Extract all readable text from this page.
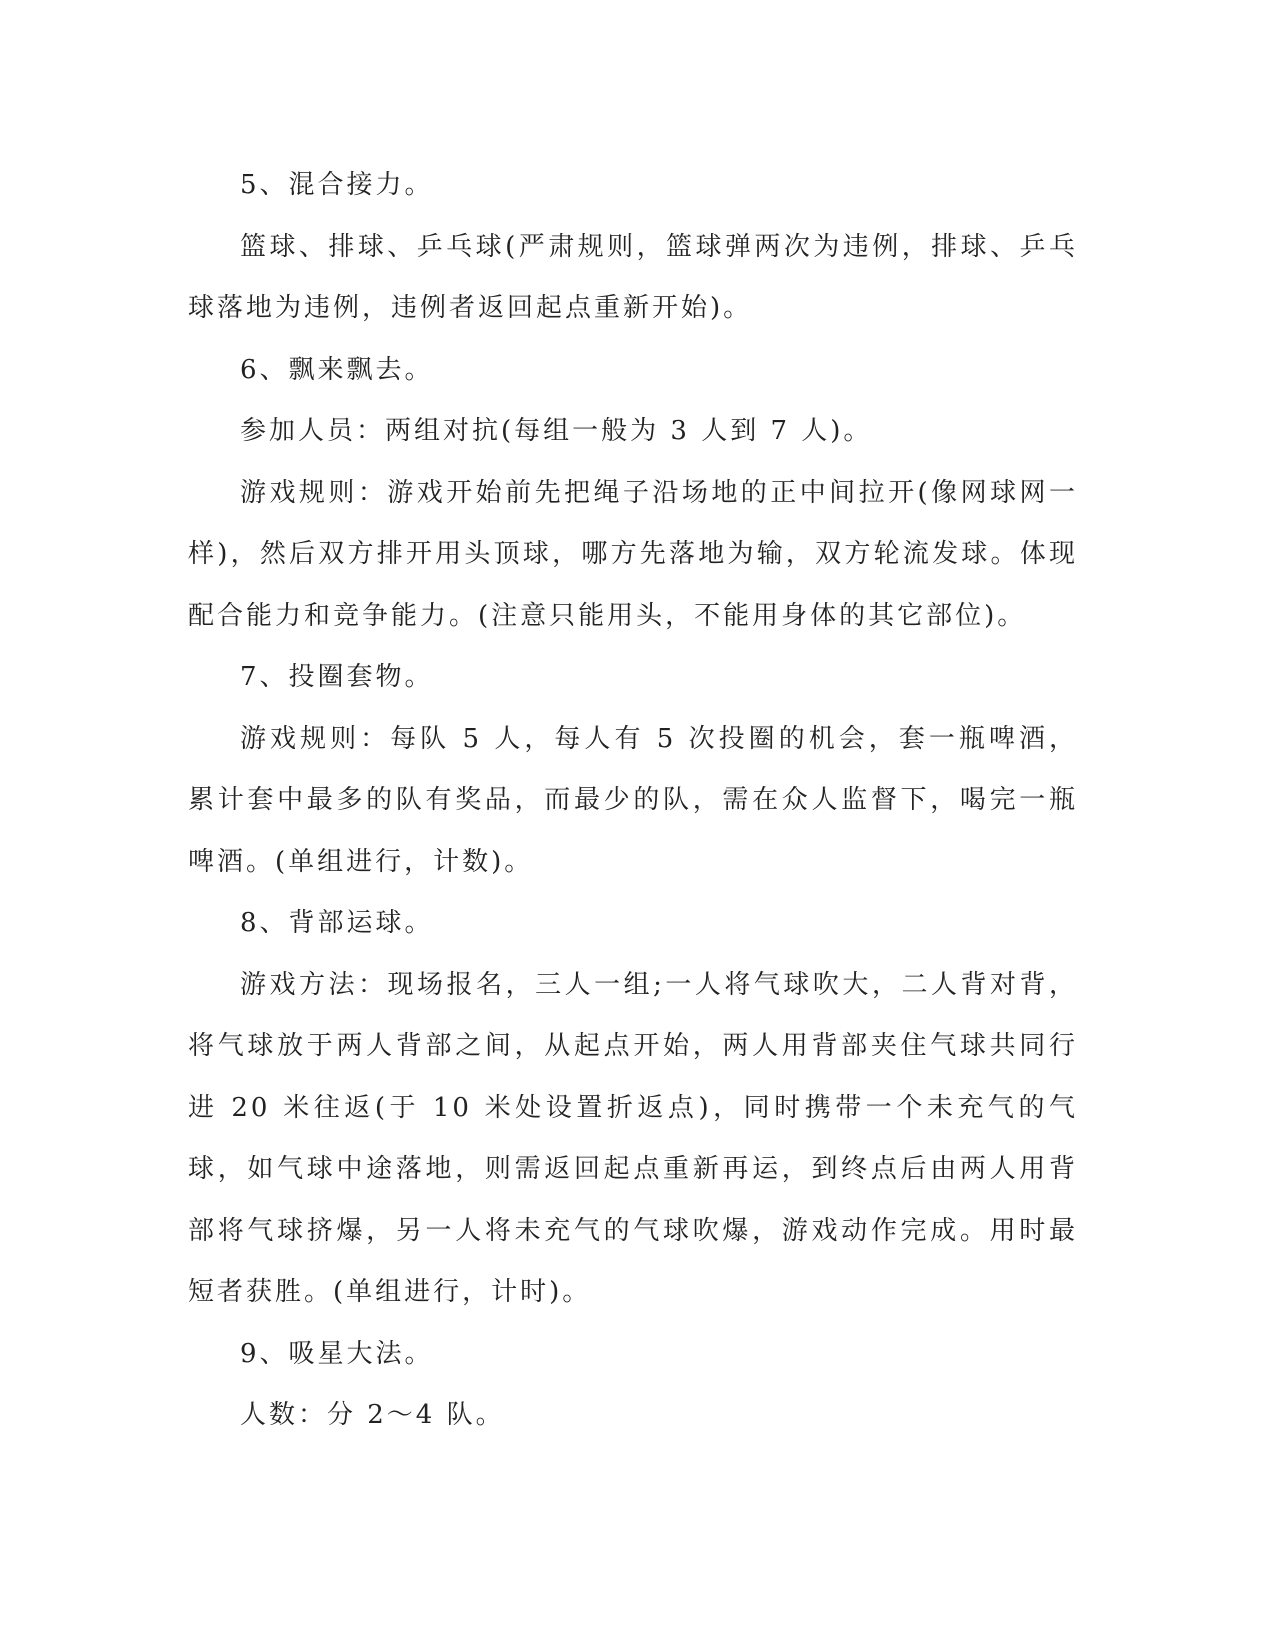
5、混合接力。

篮球、排球、乒乓球(严肃规则，篮球弹两次为违例，排球、乒乓球落地为违例，违例者返回起点重新开始)。

6、飘来飘去。

参加人员：两组对抗(每组一般为 3 人到 7 人)。

游戏规则：游戏开始前先把绳子沿场地的正中间拉开(像网球网一样)，然后双方排开用头顶球，哪方先落地为输，双方轮流发球。体现配合能力和竞争能力。(注意只能用头，不能用身体的其它部位)。

7、投圈套物。

游戏规则：每队 5 人，每人有 5 次投圈的机会，套一瓶啤酒，累计套中最多的队有奖品，而最少的队，需在众人监督下，喝完一瓶啤酒。(单组进行，计数)。

8、背部运球。

游戏方法：现场报名，三人一组;一人将气球吹大，二人背对背，将气球放于两人背部之间，从起点开始，两人用背部夹住气球共同行进 20 米往返(于 10 米处设置折返点)，同时携带一个未充气的气球，如气球中途落地，则需返回起点重新再运，到终点后由两人用背部将气球挤爆，另一人将未充气的气球吹爆，游戏动作完成。用时最短者获胜。(单组进行，计时)。

9、吸星大法。

人数：分 2～4 队。
